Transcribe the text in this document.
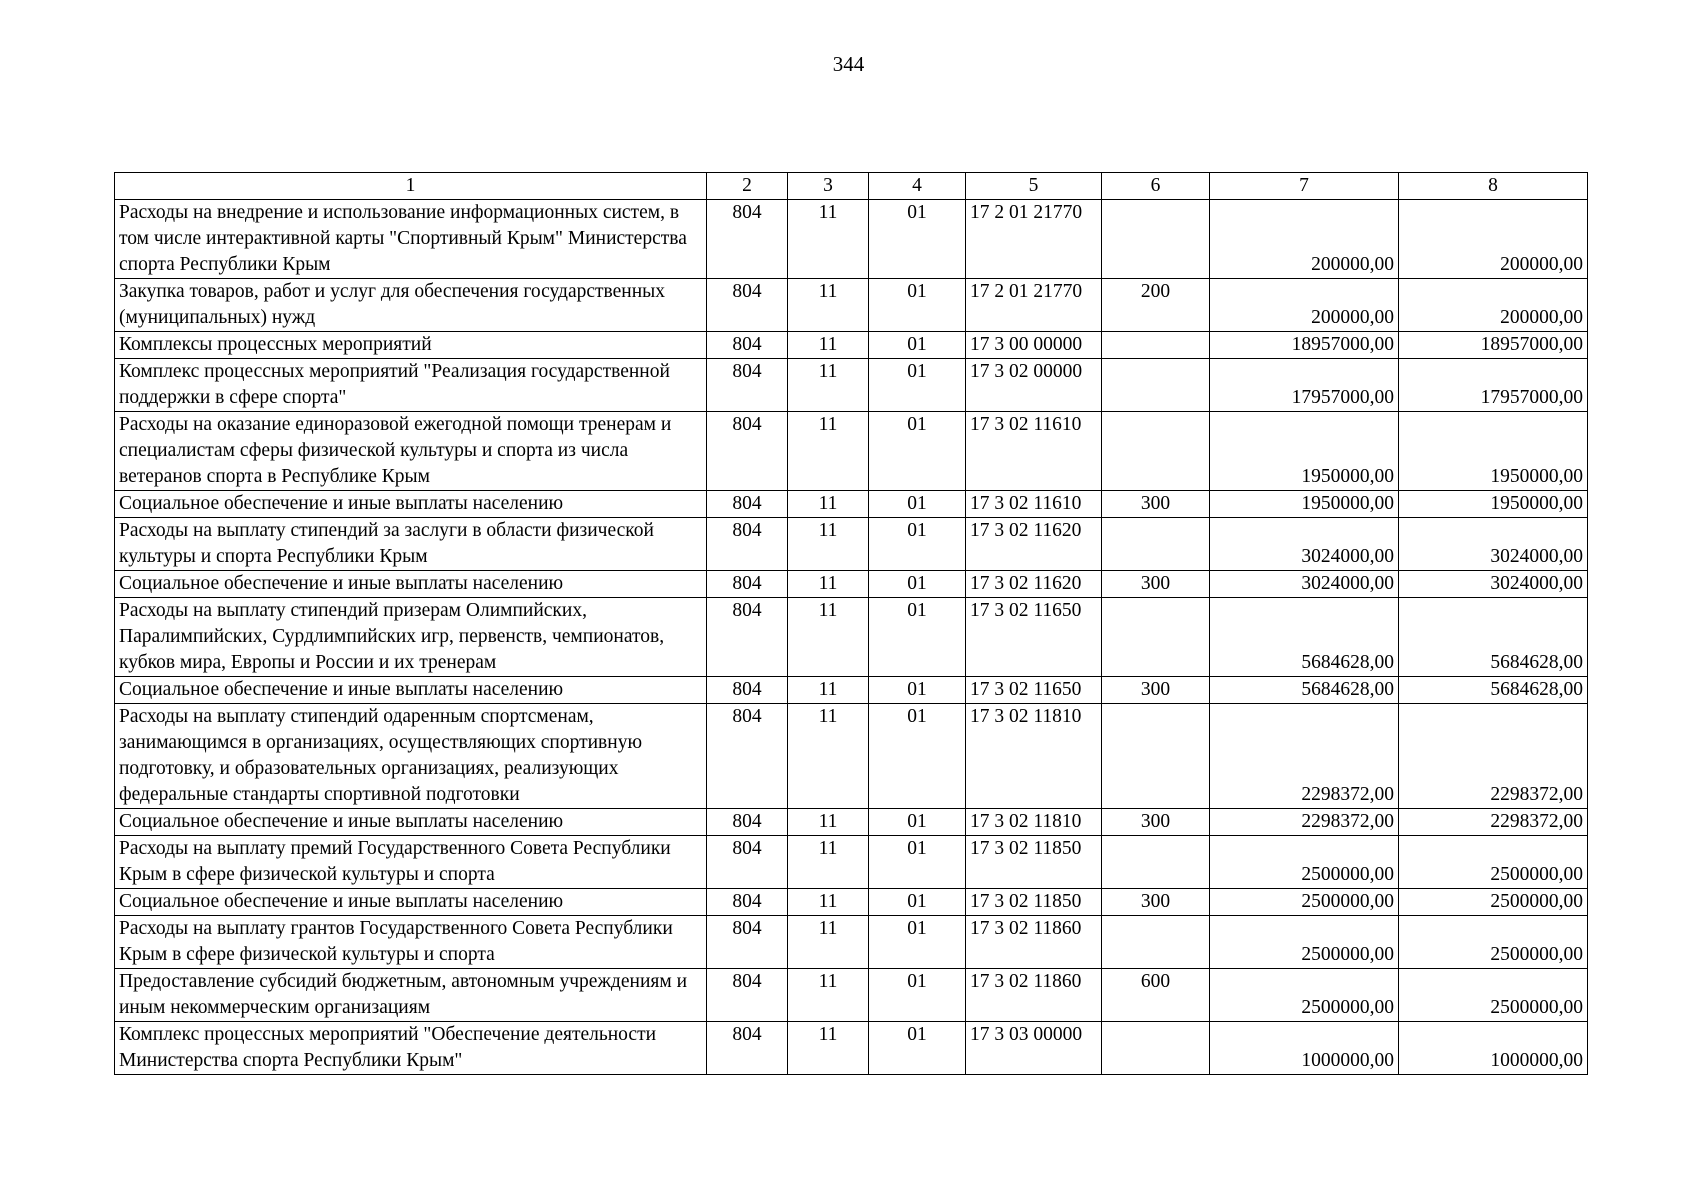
344
1	2	3	4	5	6	7	8
Расходы на внедрение и использование информационных систем, в том числе интерактивной карты "Спортивный Крым" Министерства спорта Республики Крым	804	11	01	17 2 01 21770		200000,00	200000,00
Закупка товаров, работ и услуг для обеспечения государственных (муниципальных) нужд	804	11	01	17 2 01 21770	200	200000,00	200000,00
Комплексы процессных мероприятий	804	11	01	17 3 00 00000		18957000,00	18957000,00
Комплекс процессных мероприятий "Реализация государственной поддержки в сфере спорта"	804	11	01	17 3 02 00000		17957000,00	17957000,00
Расходы на оказание единоразовой ежегодной помощи тренерам и специалистам сферы физической культуры и спорта из числа ветеранов спорта в Республике Крым	804	11	01	17 3 02 11610		1950000,00	1950000,00
Социальное обеспечение и иные выплаты населению	804	11	01	17 3 02 11610	300	1950000,00	1950000,00
Расходы на выплату стипендий за заслуги в области физической культуры и спорта Республики Крым	804	11	01	17 3 02 11620		3024000,00	3024000,00
Социальное обеспечение и иные выплаты населению	804	11	01	17 3 02 11620	300	3024000,00	3024000,00
Расходы на выплату стипендий призерам Олимпийских, Паралимпийских, Сурдлимпийских игр, первенств, чемпионатов, кубков мира, Европы и России и их тренерам	804	11	01	17 3 02 11650		5684628,00	5684628,00
Социальное обеспечение и иные выплаты населению	804	11	01	17 3 02 11650	300	5684628,00	5684628,00
Расходы на выплату стипендий одаренным спортсменам, занимающимся в организациях, осуществляющих спортивную подготовку, и образовательных организациях, реализующих федеральные стандарты спортивной подготовки	804	11	01	17 3 02 11810		2298372,00	2298372,00
Социальное обеспечение и иные выплаты населению	804	11	01	17 3 02 11810	300	2298372,00	2298372,00
Расходы на выплату премий Государственного Совета Республики Крым в сфере физической культуры и спорта	804	11	01	17 3 02 11850		2500000,00	2500000,00
Социальное обеспечение и иные выплаты населению	804	11	01	17 3 02 11850	300	2500000,00	2500000,00
Расходы на выплату грантов Государственного Совета Республики Крым в сфере физической культуры и спорта	804	11	01	17 3 02 11860		2500000,00	2500000,00
Предоставление субсидий бюджетным, автономным учреждениям и иным некоммерческим организациям	804	11	01	17 3 02 11860	600	2500000,00	2500000,00
Комплекс процессных мероприятий "Обеспечение деятельности Министерства спорта Республики Крым"	804	11	01	17 3 03 00000		1000000,00	1000000,00
